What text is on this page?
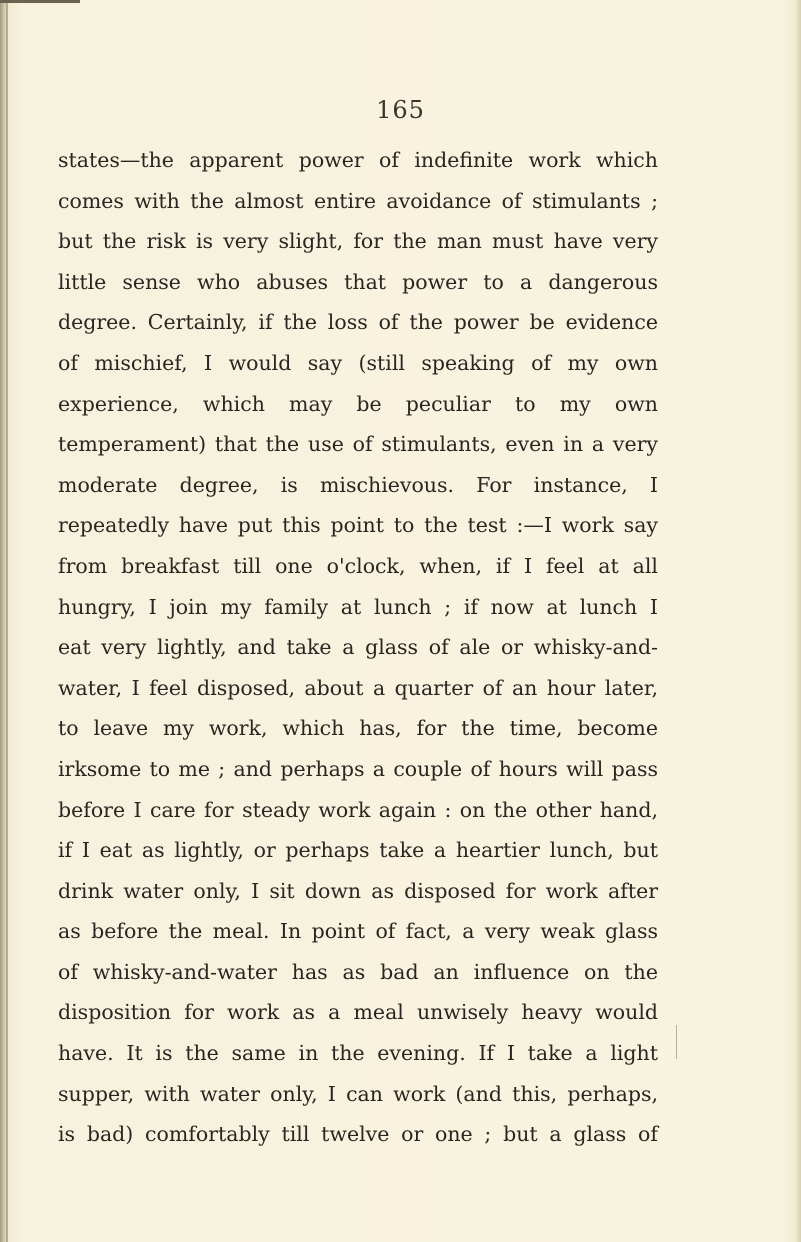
165

states—the apparent power of indefinite work which
comes with the almost entire avoidance of stimulants ;
but the risk is very slight, for the man must have very
little sense who abuses that power to a dangerous
degree. Certainly, if the loss of the power be evidence
of mischief, I would say (still speaking of my own
experience, which may be peculiar to my own
temperament) that the use of stimulants, even in a very
moderate degree, is mischievous. For instance, I
repeatedly have put this point to the test :—I work say
from breakfast till one o'clock, when, if I feel at all
hungry, I join my family at lunch ; if now at lunch I
eat very lightly, and take a glass of ale or whisky-and-
water, I feel disposed, about a quarter of an hour later,
to leave my work, which has, for the time, become
irksome to me ; and perhaps a couple of hours will pass
before I care for steady work again : on the other hand,
if I eat as lightly, or perhaps take a heartier lunch, but
drink water only, I sit down as disposed for work after
as before the meal. In point of fact, a very weak glass
of whisky-and-water has as bad an influence on the
disposition for work as a meal unwisely heavy would
have. It is the same in the evening. If I take a light
supper, with water only, I can work (and this, perhaps,
is bad) comfortably till twelve or one ; but a glass of
